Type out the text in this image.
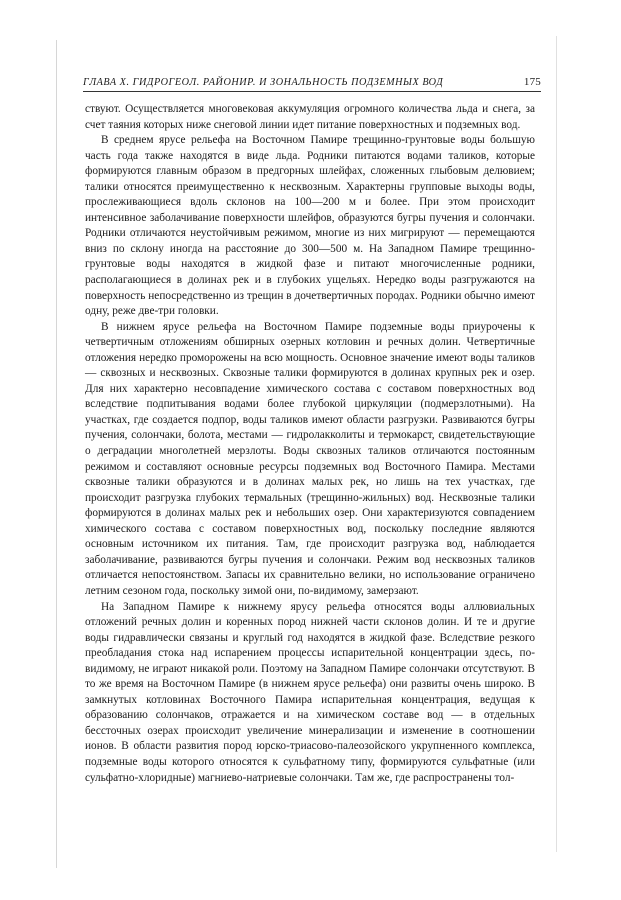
ГЛАВА X. ГИДРОГЕОЛ. РАЙОНИР. И ЗОНАЛЬНОСТЬ ПОДЗЕМНЫХ ВОД	175

ствуют. Осуществляется многовековая аккумуляция огромного количества льда и снега, за счет таяния которых ниже снеговой линии идет питание поверхностных и подземных вод.

В среднем ярусе рельефа на Восточном Памире трещинно-грунтовые воды большую часть года также находятся в виде льда. Родники питаются водами таликов, которые формируются главным образом в предгорных шлейфах, сложенных глыбовым делювием; талики относятся преимущественно к несквозным. Характерны групповые выходы воды, прослеживающиеся вдоль склонов на 100—200 м и более. При этом происходит интенсивное заболачивание поверхности шлейфов, образуются бугры пучения и солончаки. Родники отличаются неустойчивым режимом, многие из них мигрируют — перемещаются вниз по склону иногда на расстояние до 300—500 м. На Западном Памире трещинно-грунтовые воды находятся в жидкой фазе и питают многочисленные родники, располагающиеся в долинах рек и в глубоких ущельях. Нередко воды разгружаются на поверхность непосредственно из трещин в дочетвертичных породах. Родники обычно имеют одну, реже две-три головки.

В нижнем ярусе рельефа на Восточном Памире подземные воды приурочены к четвертичным отложениям обширных озерных котловин и речных долин. Четвертичные отложения нередко проморожены на всю мощность. Основное значение имеют воды таликов — сквозных и несквозных. Сквозные талики формируются в долинах крупных рек и озер. Для них характерно несовпадение химического состава с составом поверхностных вод вследствие подпитывания водами более глубокой циркуляции (подмерзлотными). На участках, где создается подпор, воды таликов имеют области разгрузки. Развиваются бугры пучения, солончаки, болота, местами — гидролакколиты и термокарст, свидетельствующие о деградации многолетней мерзлоты. Воды сквозных таликов отличаются постоянным режимом и составляют основные ресурсы подземных вод Восточного Памира. Местами сквозные талики образуются и в долинах малых рек, но лишь на тех участках, где происходит разгрузка глубоких термальных (трещинно-жильных) вод. Несквозные талики формируются в долинах малых рек и небольших озер. Они характеризуются совпадением химического состава с составом поверхностных вод, поскольку последние являются основным источником их питания. Там, где происходит разгрузка вод, наблюдается заболачивание, развиваются бугры пучения и солончаки. Режим вод несквозных таликов отличается непостоянством. Запасы их сравнительно велики, но использование ограничено летним сезоном года, поскольку зимой они, по-видимому, замерзают.

На Западном Памире к нижнему ярусу рельефа относятся воды аллювиальных отложений речных долин и коренных пород нижней части склонов долин. И те и другие воды гидравлически связаны и круглый год находятся в жидкой фазе. Вследствие резкого преобладания стока над испарением процессы испарительной концентрации здесь, по-видимому, не играют никакой роли. Поэтому на Западном Памире солончаки отсутствуют. В то же время на Восточном Памире (в нижнем ярусе рельефа) они развиты очень широко. В замкнутых котловинах Восточного Памира испарительная концентрация, ведущая к образованию солончаков, отражается и на химическом составе вод — в отдельных бессточных озерах происходит увеличение минерализации и изменение в соотношении ионов. В области развития пород юрско-триасово-палеозойского укрупненного комплекса, подземные воды которого относятся к сульфатному типу, формируются сульфатные (или сульфатно-хлоридные) магниево-натриевые солончаки. Там же, где распространены тол-
